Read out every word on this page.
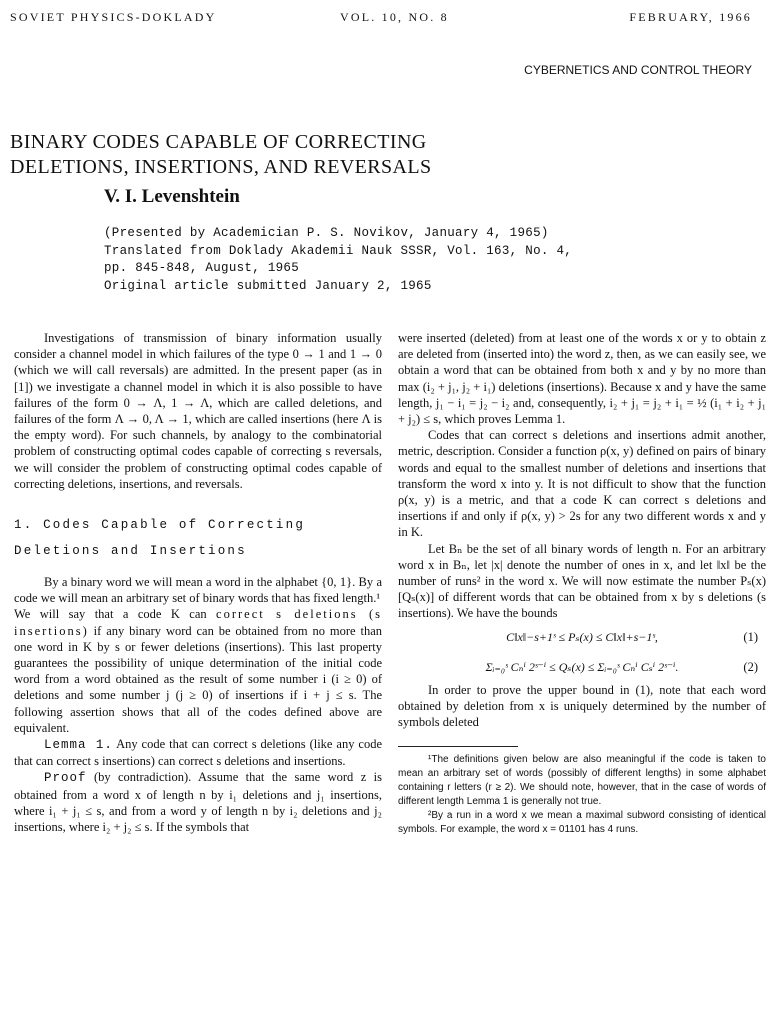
SOVIET PHYSICS-DOKLADY	VOL. 10, NO. 8	FEBRUARY, 1966
CYBERNETICS AND CONTROL THEORY
BINARY CODES CAPABLE OF CORRECTING
DELETIONS, INSERTIONS, AND REVERSALS
V. I. Levenshtein
(Presented by Academician P. S. Novikov, January 4, 1965)
Translated from Doklady Akademii Nauk SSSR, Vol. 163, No. 4,
pp. 845-848, August, 1965
Original article submitted January 2, 1965

Investigations of transmission of binary information usually consider a channel model in which failures of the type 0 → 1 and 1 → 0 (which we will call reversals) are admitted. In the present paper (as in [1]) we investigate a channel model in which it is also possible to have failures of the form 0 → Λ, 1 → Λ, which are called deletions, and failures of the form Λ → 0, Λ → 1, which are called insertions (here Λ is the empty word). For such channels, by analogy to the combinatorial problem of constructing optimal codes capable of correcting s reversals, we will consider the problem of constructing optimal codes capable of correcting deletions, insertions, and reversals.

1. Codes Capable of Correcting
Deletions and Insertions

By a binary word we will mean a word in the alphabet {0, 1}. By a code we will mean an arbitrary set of binary words that has fixed length.¹

We will say that a code K can correct s deletions (s insertions) if any binary word can be obtained from no more than one word in K by s or fewer deletions (insertions). This last property guarantees the possibility of unique determination of the initial code word from a word obtained as the result of some number i (i ≥ 0) of deletions and some number j (j ≥ 0) of insertions if i + j ≤ s. The following assertion shows that all of the codes defined above are equivalent.

Lemma 1. Any code that can correct s deletions (like any code that can correct s insertions) can correct s deletions and insertions.

Proof (by contradiction). Assume that the same word z is obtained from a word x of length n by i₁ deletions and j₁ insertions, where i₁ + j₁ ≤ s, and from a word y of length n by i₂ deletions and j₂ insertions, where i₂ + j₂ ≤ s. If the symbols that

were inserted (deleted) from at least one of the words x or y to obtain z are deleted from (inserted into) the word z, then, as we can easily see, we obtain a word that can be obtained from both x and y by no more than max (i₂ + j₁, j₂ + i₁) deletions (insertions). Because x and y have the same length, j₁ − i₁ = j₂ − i₂ and, consequently, i₂ + j₁ = j₂ + i₁ = ½ (i₁ + i₂ + j₁ + j₂) ≤ s, which proves Lemma 1.

Codes that can correct s deletions and insertions admit another, metric, description. Consider a function ρ(x, y) defined on pairs of binary words and equal to the smallest number of deletions and insertions that transform the word x into y. It is not difficult to show that the function ρ(x, y) is a metric, and that a code K can correct s deletions and insertions if and only if ρ(x, y) > 2s for any two different words x and y in K.

Let Bₙ be the set of all binary words of length n. For an arbitrary word x in Bₙ, let |x| denote the number of ones in x, and let ‖x‖ be the number of runs² in the word x. We will now estimate the number Pₛ(x) [Qₛ(x)] of different words that can be obtained from x by s deletions (s insertions). We have the bounds

C‖x‖−s+1ˢ ≤ Pₛ(x) ≤ C‖x‖+s−1ˢ,	(1)
Σᵢ₌₀ˢ Cₙⁱ 2ˢ⁻ⁱ ≤ Qₛ(x) ≤ Σᵢ₌₀ˢ Cₙⁱ Cₛⁱ 2ˢ⁻ⁱ.	(2)

In order to prove the upper bound in (1), note that each word obtained by deletion from x is uniquely determined by the number of symbols deleted

¹The definitions given below are also meaningful if the code is taken to mean an arbitrary set of words (possibly of different lengths) in some alphabet containing r letters (r ≥ 2). We should note, however, that in the case of words of different length Lemma 1 is generally not true.

²By a run in a word x we mean a maximal subword consisting of identical symbols. For example, the word x = 01101 has 4 runs.
